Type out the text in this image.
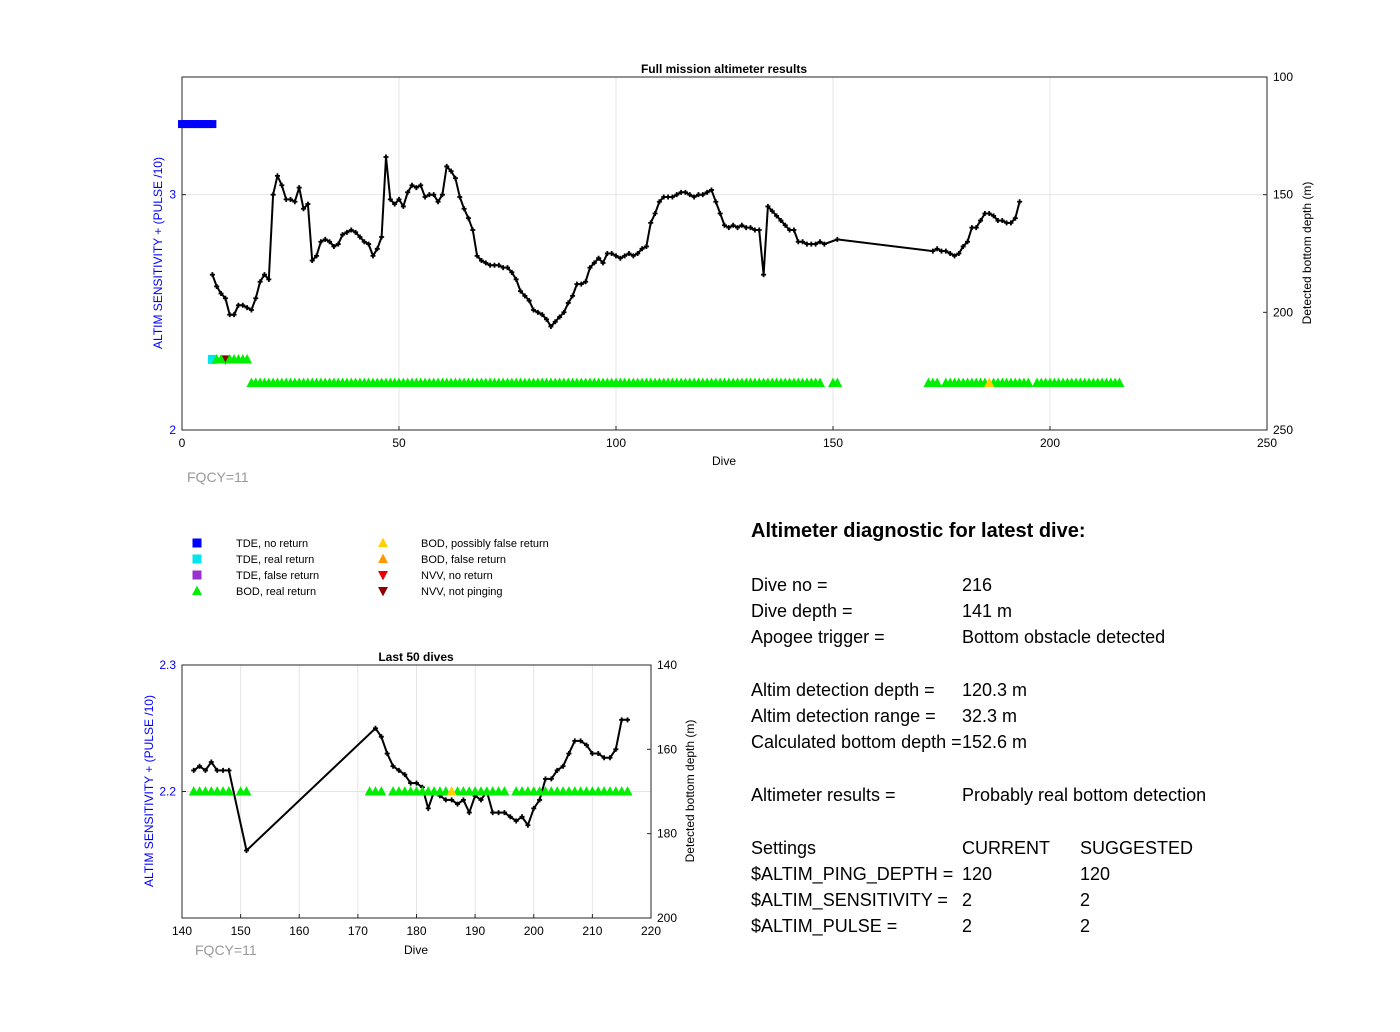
Full mission altimeter results
0	50	100	150	200	250
2
3
100
150
200
250
Dive
ALTIM SENSITIVITY + (PULSE /10)	Detected bottom depth (m)
FQCY=11
TDE, no return
TDE, real return
TDE, false return
BOD, real return
BOD, possibly false return
BOD, false return
NVV, no return
NVV, not pinging
Last 50 dives
140	150	160	170	180	190	200	210	220
2.2
2.3	140
160
180
200
Dive
ALTIM SENSITIVITY + (PULSE /10)	Detected bottom depth (m)
FQCY=11
Altimeter diagnostic for latest dive:
Dive no =	216
Dive depth =	141 m
Apogee trigger =	Bottom obstacle detected
Altim detection depth = 120.3 m
Altim detection range = 32.3 m
Calculated bottom depth = 152.6 m
Altimeter results =	Probably real bottom detection
Settings	CURRENT SUGGESTED
$ALTIM_PING_DEPTH = 120	120
$ALTIM_SENSITIVITY = 2	2
$ALTIM_PULSE =	2	2
